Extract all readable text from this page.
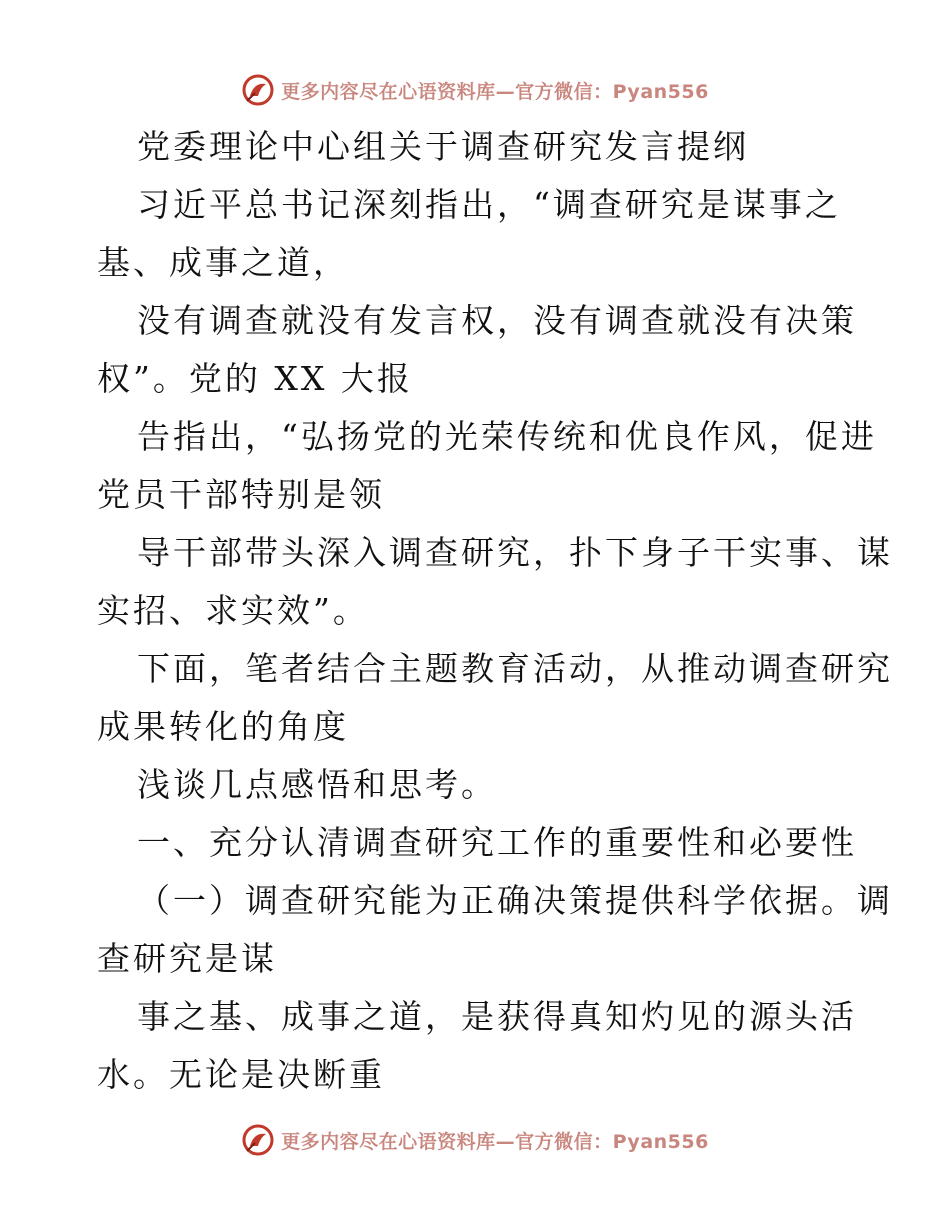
更多内容尽在心语资料库—官方微信：Pyan556
党委理论中心组关于调查研究发言提纲
习近平总书记深刻指出，“调查研究是谋事之
基、成事之道，
没有调查就没有发言权，没有调查就没有决策
权”。党的 XX 大报
告指出，“弘扬党的光荣传统和优良作风，促进
党员干部特别是领
导干部带头深入调查研究，扑下身子干实事、谋
实招、求实效”。
下面，笔者结合主题教育活动，从推动调查研究
成果转化的角度
浅谈几点感悟和思考。
一、充分认清调查研究工作的重要性和必要性
（一）调查研究能为正确决策提供科学依据。调
查研究是谋
事之基、成事之道，是获得真知灼见的源头活
水。无论是决断重
更多内容尽在心语资料库—官方微信：Pyan556
